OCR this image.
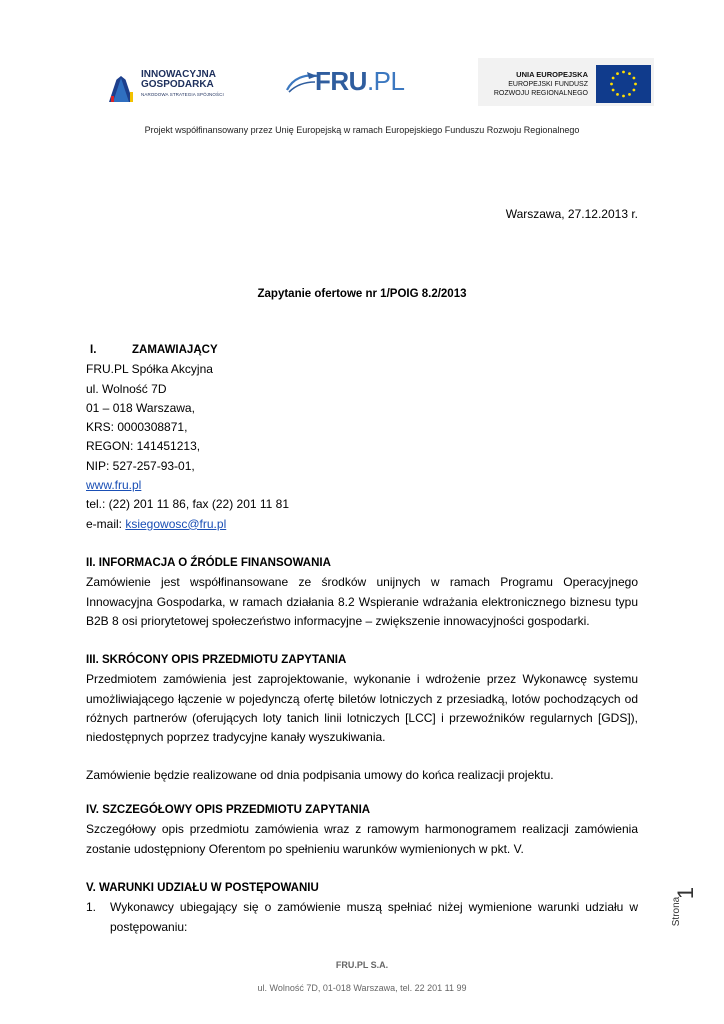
INNOWACYJNA
GOSPODARKA
NARODOWA STRATEGIA SPÓJNOŚCI	FRU.PL	UNIA EUROPEJSKA
EUROPEJSKI FUNDUSZ
ROZWOJU REGIONALNEGO
Projekt współfinansowany przez Unię Europejską w ramach Europejskiego Funduszu Rozwoju Regionalnego
Warszawa, 27.12.2013 r.
Zapytanie ofertowe nr 1/POIG 8.2/2013
I.	ZAMAWIAJĄCY
FRU.PL Spółka Akcyjna
ul. Wolność 7D
01 – 018 Warszawa,
KRS: 0000308871,
REGON: 141451213,
NIP: 527-257-93-01,
www.fru.pl
tel.: (22) 201 11 86, fax (22) 201 11 81
e-mail: ksiegowosc@fru.pl
II. INFORMACJA O ŹRÓDLE FINANSOWANIA
Zamówienie jest współfinansowane ze środków unijnych w ramach Programu Operacyjnego Innowacyjna Gospodarka, w ramach działania 8.2 Wspieranie wdrażania elektronicznego biznesu typu B2B 8 osi priorytetowej społeczeństwo informacyjne – zwiększenie innowacyjności gospodarki.
III. SKRÓCONY OPIS PRZEDMIOTU ZAPYTANIA
Przedmiotem zamówienia jest zaprojektowanie, wykonanie i wdrożenie przez Wykonawcę systemu umożliwiającego łączenie w pojedynczą ofertę biletów lotniczych z przesiadką, lotów pochodzących od różnych partnerów (oferujących loty tanich linii lotniczych [LCC] i przewoźników regularnych [GDS]), niedostępnych poprzez tradycyjne kanały wyszukiwania.
Zamówienie będzie realizowane od dnia podpisania umowy do końca realizacji projektu.
IV. SZCZEGÓŁOWY OPIS PRZEDMIOTU ZAPYTANIA
Szczegółowy opis przedmiotu zamówienia wraz z ramowym harmonogramem realizacji zamówienia zostanie udostępniony Oferentom po spełnieniu warunków wymienionych w pkt. V.
V. WARUNKI UDZIAŁU W POSTĘPOWANIU
1.	Wykonawcy ubiegający się o zamówienie muszą spełniać niżej wymienione warunki udziału w postępowaniu:
1
Strona
FRU.PL S.A.
ul. Wolność 7D, 01-018 Warszawa, tel. 22 201 11 99
